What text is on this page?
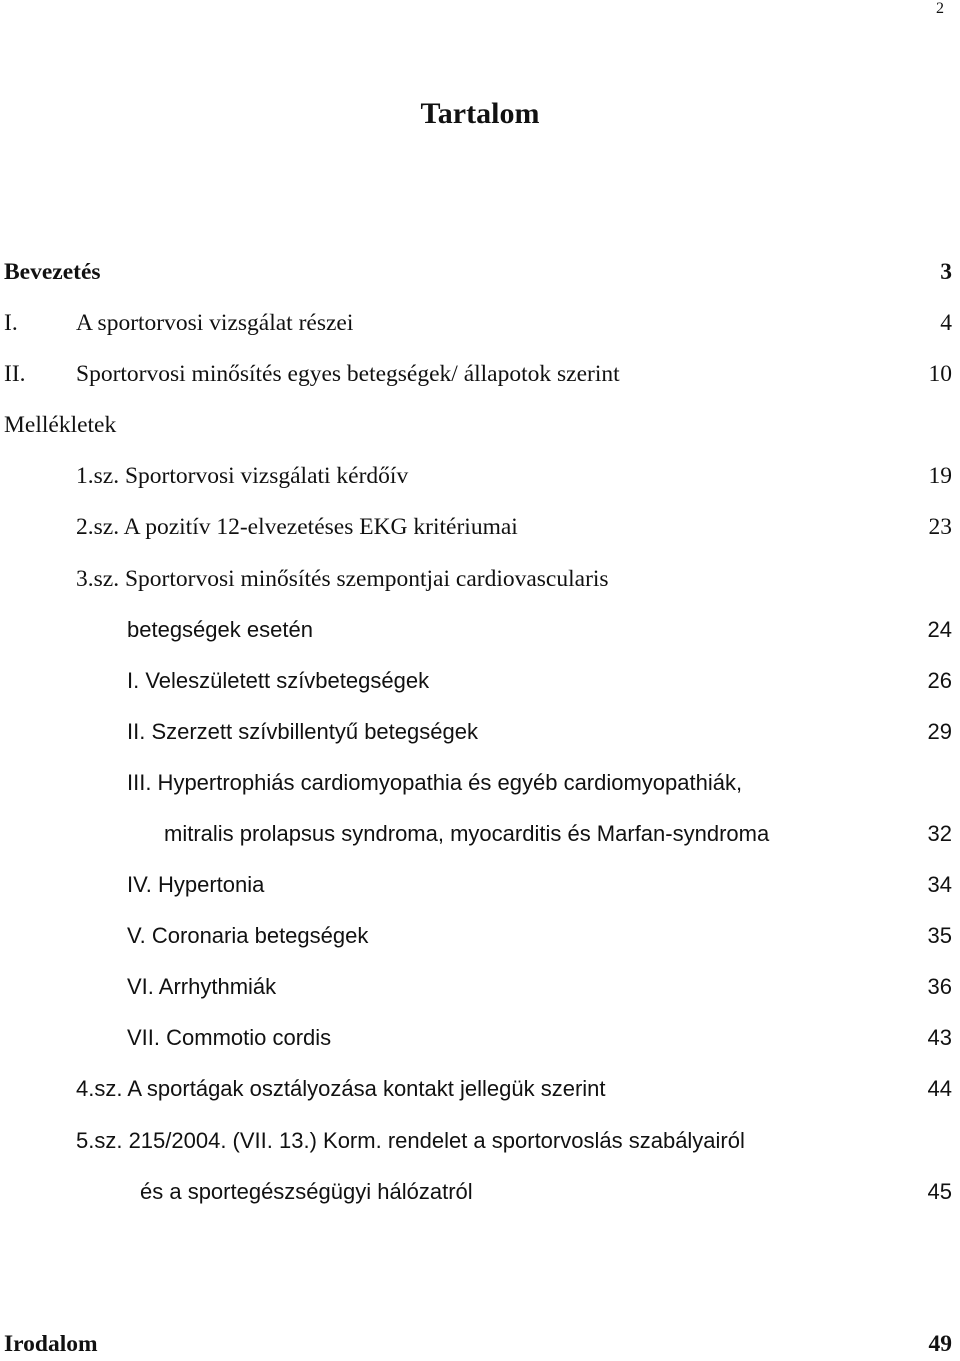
2
Tartalom
Bevezetés	3
I. A sportorvosi vizsgálat részei	4
II. Sportorvosi minősítés egyes betegségek/ állapotok szerint	10
Mellékletek
1.sz. Sportorvosi vizsgálati kérdőív	19
2.sz. A pozitív 12-elvezetéses EKG kritériumai	23
3.sz. Sportorvosi minősítés szempontjai cardiovascularis
betegségek esetén	24
I. Veleszületett szívbetegségek	26
II. Szerzett szívbillentyű betegségek	29
III. Hypertrophiás cardiomyopathia és egyéb cardiomyopathiák,
mitralis prolapsus syndroma, myocarditis és Marfan-syndroma	32
IV. Hypertonia	34
V. Coronaria betegségek	35
VI. Arrhythmiák	36
VII. Commotio cordis	43
4.sz. A sportágak osztályozása kontakt jellegük szerint	44
5.sz. 215/2004. (VII. 13.) Korm. rendelet a sportorvoslás szabályairól
és a sportegészségügyi hálózatról	45
Irodalom	49
